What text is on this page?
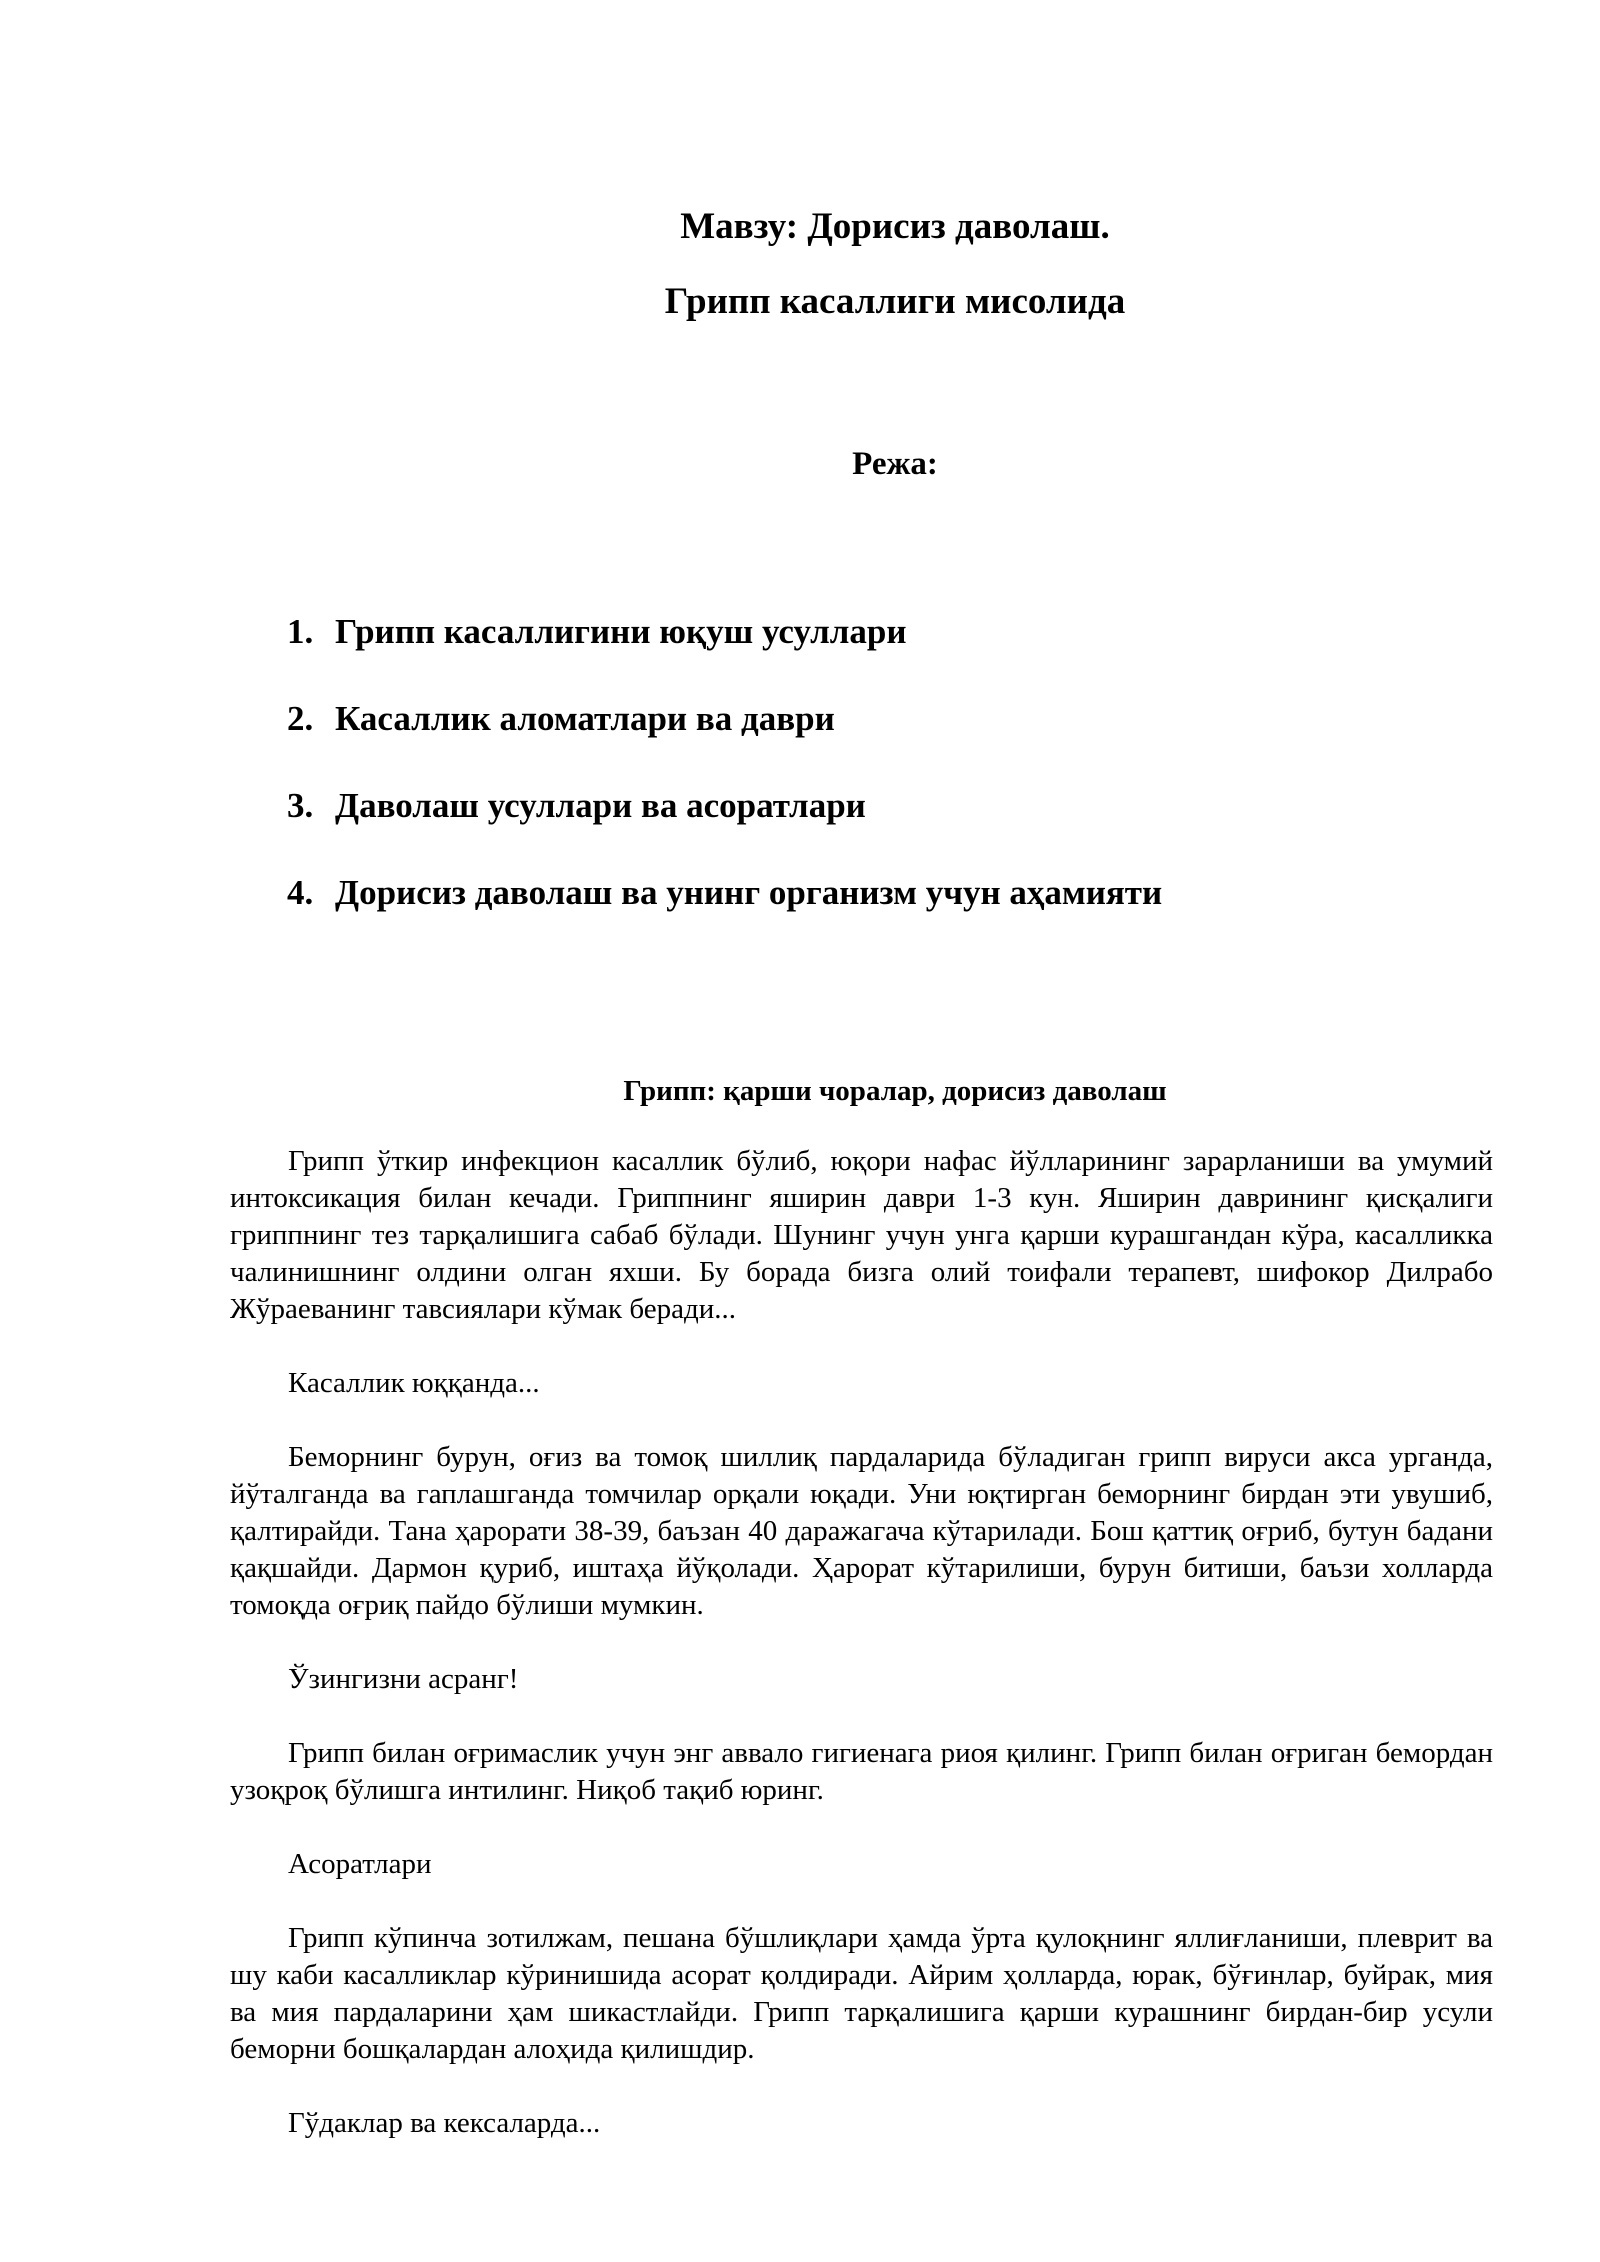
Мавзу: Дорисиз даволаш.
Грипп касаллиги мисолида
Режа:
1. Грипп касаллигини юқуш усуллари
2. Касаллик аломатлари ва даври
3. Даволаш усуллари ва асоратлари
4. Дорисиз даволаш ва унинг организм учун аҳамияти
Грипп: қарши чоралар, дорисиз даволаш

Грипп ўткир инфекцион касаллик бўлиб, юқори нафас йўлларининг зарарланиши ва умумий интоксикация билан кечади. Гриппнинг яширин даври 1-3 кун. Яширин даврининг қисқалиги гриппнинг тез тарқалишига сабаб бўлади. Шунинг учун унга қарши курашгандан кўра, касалликка чалинишнинг олдини олган яхши. Бу борада бизга олий тоифали терапевт, шифокор Дилрабо Жўраеванинг тавсиялари кўмак беради...

Касаллик юққанда...

Беморнинг бурун, оғиз ва томоқ шиллиқ пардаларида бўладиган грипп вируси акса урганда, йўталганда ва гаплашганда томчилар орқали юқади. Уни юқтирган беморнинг бирдан эти увушиб, қалтирайди. Тана ҳарорати 38-39, баъзан 40 даражагача кўтарилади. Бош қаттиқ оғриб, бутун бадани қақшайди. Дармон қуриб, иштаҳа йўқолади. Ҳарорат кўтарилиши, бурун битиши, баъзи холларда томоқда оғриқ пайдо бўлиши мумкин.

Ўзингизни асранг!

Грипп билан оғримаслик учун энг аввало гигиенага риоя қилинг. Грипп билан оғриган бемордан узоқроқ бўлишга интилинг. Ниқоб тақиб юринг.

Асоратлари

Грипп кўпинча зотилжам, пешана бўшлиқлари ҳамда ўрта қулоқнинг яллиғланиши, плеврит ва шу каби касалликлар кўринишида асорат қолдиради. Айрим ҳолларда, юрак, бўғинлар, буйрак, мия ва мия пардаларини ҳам шикастлайди. Грипп тарқалишига қарши курашнинг бирдан-бир усули беморни бошқалардан алоҳида қилишдир.

Гўдаклар ва кексаларда...
